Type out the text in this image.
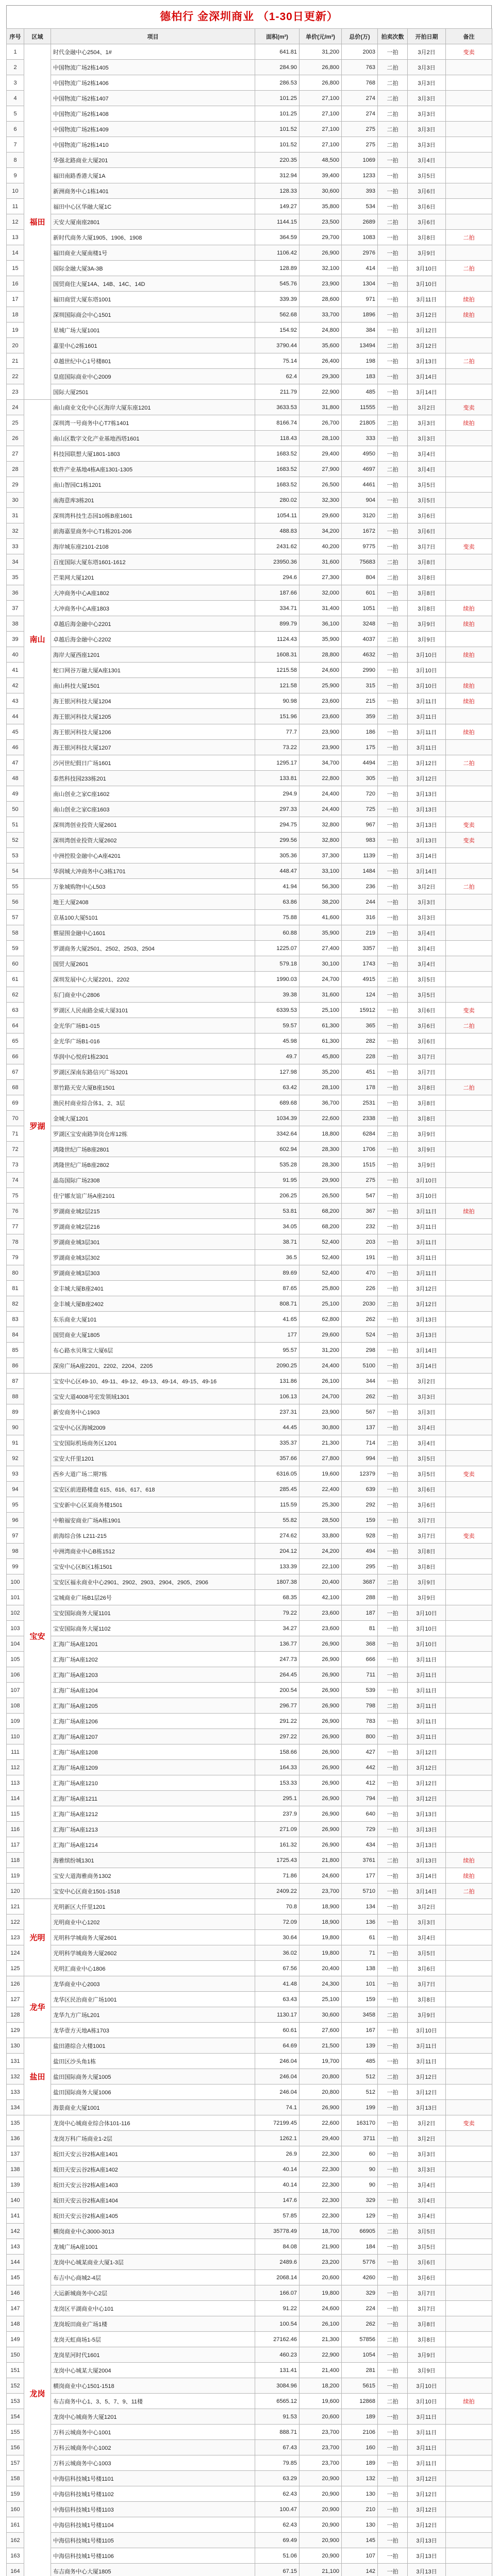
德柏行 金深圳商业 （1-30日更新）
序号	区域	项目	面积(m²)	单价(元/m²)	总价(万)	拍卖次数	开拍日期	备注
1	福田	时代金融中心2504、1#	641.81	31,200	2003	一拍	3月2日	变卖
2		中国物流广场2栋1405	284.90	26,800	763	二拍	3月3日	
3		中国物流广场2栋1406	286.53	26,800	768	二拍	3月3日	
4		中国物流广场2栋1407	101.25	27,100	274	二拍	3月3日	
5		中国物流广场2栋1408	101.25	27,100	274	二拍	3月3日	
6		中国物流广场2栋1409	101.52	27,100	275	二拍	3月3日	
7		中国物流广场2栋1410	101.52	27,100	275	二拍	3月3日	
8		华强北路商业大厦201	220.35	48,500	1069	一拍	3月4日	
9		福田南路香港大厦1A	312.94	39,400	1233	一拍	3月5日	
10		新洲商务中心1栋1401	128.33	30,600	393	一拍	3月6日	
11		福田中心区华融大厦1C	149.27	35,800	534	一拍	3月6日	
12		天安大厦南座2801	1144.15	23,500	2689	二拍	3月6日	
13		新时代商务大厦1905、1906、1908	364.59	29,700	1083	一拍	3月8日	二拍
14		福田商业大厦南楼1号	1106.42	26,900	2976	一拍	3月9日	
15		国际金融大厦3A-3B	128.89	32,100	414	一拍	3月10日	二拍
16		国贸商住大厦14A、14B、14C、14D	545.76	23,900	1304	一拍	3月10日	
17		福田商贸大厦东塔1001	339.39	28,600	971	一拍	3月11日	续拍
18		深圳国际商会中心1501	562.68	33,700	1896	一拍	3月12日	续拍
19		星城广场大厦1001	154.92	24,800	384	一拍	3月12日	
20		嘉里中心2栋1601	3790.44	35,600	13494	二拍	3月12日	
21		卓越世纪中心1号楼801	75.14	26,400	198	一拍	3月13日	二拍
22		皇庭国际商业中心2009	62.4	29,300	183	一拍	3月14日	
23		国际大厦2501	211.79	22,900	485	一拍	3月14日	
24	南山	南山商业文化中心区海岸大厦东座1201	3633.53	31,800	11555	一拍	3月2日	变卖
25		深圳湾一号商务中心T7栋1401	8166.74	26,700	21805	二拍	3月3日	续拍
26		南山区数字文化产业基地西塔1601	118.43	28,100	333	一拍	3月3日	
27		科技园联想大厦1801-1803	1683.52	29,400	4950	一拍	3月4日	
28		软件产业基地4栋A座1301-1305	1683.52	27,900	4697	二拍	3月4日	
29		南山智园C1栋1201	1683.52	26,500	4461	一拍	3月5日	
30		南海意库3栋201	280.02	32,300	904	一拍	3月5日	
31		深圳湾科技生态园10栋B座1601	1054.11	29,600	3120	二拍	3月6日	
32		前海嘉里商务中心T1栋201-206	488.83	34,200	1672	一拍	3月6日	
33		海岸城东座2101-2108	2431.62	40,200	9775	一拍	3月7日	变卖
34		百度国际大厦东塔1601-1612	23950.36	31,600	75683	二拍	3月8日	
35		芒果网大厦1201	294.6	27,300	804	二拍	3月8日	
36		大冲商务中心A座1802	187.66	32,000	601	一拍	3月8日	
37		大冲商务中心A座1803	334.71	31,400	1051	一拍	3月8日	续拍
38		卓越后海金融中心2201	899.79	36,100	3248	一拍	3月9日	续拍
39		卓越后海金融中心2202	1124.43	35,900	4037	二拍	3月9日	
40		海岸大厦西座1201	1608.31	28,800	4632	一拍	3月10日	续拍
41		蛇口网谷万融大厦A座1301	1215.58	24,600	2990	一拍	3月10日	
42		南山科技大厦1501	121.58	25,900	315	一拍	3月10日	续拍
43		海王银河科技大厦1204	90.98	23,600	215	一拍	3月11日	续拍
44		海王银河科技大厦1205	151.96	23,600	359	二拍	3月11日	
45		海王银河科技大厦1206	77.7	23,900	186	一拍	3月11日	续拍
46		海王银河科技大厦1207	73.22	23,900	175	一拍	3月11日	
47		沙河世纪假日广场1601	1295.17	34,700	4494	二拍	3月12日	二拍
48		泰然科技园233栋201	133.81	22,800	305	一拍	3月12日	
49		南山创业之家C座1602	294.9	24,400	720	一拍	3月13日	
50		南山创业之家C座1603	297.33	24,400	725	一拍	3月13日	
51		深圳湾创业投资大厦2601	294.75	32,800	967	一拍	3月13日	变卖
52		深圳湾创业投资大厦2602	299.56	32,800	983	一拍	3月13日	变卖
53		中洲控股金融中心A座4201	305.36	37,300	1139	一拍	3月14日	
54		华润城大冲商务中心3栋1701	448.47	33,100	1484	一拍	3月14日	
55	罗湖	万象城购物中心L503	41.94	56,300	236	一拍	3月2日	二拍
56		地王大厦2408	63.86	38,200	244	一拍	3月3日	
57		京基100大厦5101	75.88	41,600	316	一拍	3月3日	
58		蔡屋围金融中心1601	60.88	35,900	219	一拍	3月4日	
59		罗湖商务大厦2501、2502、2503、2504	1225.07	27,400	3357	一拍	3月4日	
60		国贸大厦2601	579.18	30,100	1743	一拍	3月4日	
61		深圳发展中心大厦2201、2202	1990.03	24,700	4915	二拍	3月5日	
62		东门商业中心2806	39.38	31,600	124	一拍	3月5日	
63		罗湖区人民南路金威大厦3101	6339.53	25,100	15912	一拍	3月6日	变卖
64		金光华广场B1-015	59.57	61,300	365	一拍	3月6日	二拍
65		金光华广场B1-016	45.98	61,300	282	一拍	3月6日	
66		华润中心悦府1栋2301	49.7	45,800	228	一拍	3月7日	
67		罗湖区深南东路信兴广场3201	127.98	35,200	451	一拍	3月7日	
68		翠竹路天安大厦B座1501	63.42	28,100	178	一拍	3月8日	二拍
69		渔民村商业综合体1、2、3层	689.68	36,700	2531	一拍	3月8日	
70		金城大厦1201	1034.39	22,600	2338	一拍	3月8日	
71		罗湖区宝安南路笋岗仓库12栋	3342.64	18,800	6284	二拍	3月9日	
72		鸿隆世纪广场B座2801	602.94	28,300	1706	一拍	3月9日	
73		鸿隆世纪广场B座2802	535.28	28,300	1515	一拍	3月9日	
74		晶岛国际广场2308	91.95	29,900	275	一拍	3月10日	
75		佳宁娜友谊广场A座2101	206.25	26,500	547	一拍	3月10日	
76		罗湖商业城2层215	53.81	68,200	367	一拍	3月11日	续拍
77		罗湖商业城2层216	34.05	68,200	232	一拍	3月11日	
78		罗湖商业城3层301	38.71	52,400	203	一拍	3月11日	
79		罗湖商业城3层302	36.5	52,400	191	一拍	3月11日	
80		罗湖商业城3层303	89.69	52,400	470	一拍	3月11日	
81		金丰城大厦B座2401	87.65	25,800	226	一拍	3月12日	
82		金丰城大厦B座2402	808.71	25,100	2030	二拍	3月12日	
83		东乐商业大厦101	41.65	62,800	262	一拍	3月13日	
84		国贸商业大厦1805	177	29,600	524	一拍	3月13日	
85		布心路水贝珠宝大厦6层	95.57	31,200	298	一拍	3月14日	
86		深房广场A座2201、2202、2204、2205	2090.25	24,400	5100	一拍	3月14日	
87	宝安	宝安中心区49-10、49-11、49-12、49-13、49-14、49-15、49-16	131.86	26,100	344	一拍	3月2日	
88		宝安大道4008号宏发领域1301	106.13	24,700	262	一拍	3月3日	
89		新安商务中心1903	237.31	23,900	567	一拍	3月3日	
90		宝安中心区海城2009	44.45	30,800	137	一拍	3月4日	
91		宝安国际机场商务区1201	335.37	21,300	714	二拍	3月4日	
92		宝安大仟里1201	357.66	27,800	994	一拍	3月5日	
93		西乡大道广场二期7栋	6316.05	19,600	12379	一拍	3月5日	变卖
94		宝安区前进路楼盘 615、616、617、618	285.45	22,400	639	一拍	3月6日	
95		宝安新中心区某商务楼1501	115.59	25,300	292	一拍	3月6日	
96		中粮福安商业广场A栋1901	55.82	28,500	159	一拍	3月7日	
97		前海综合体 L211-215	274.62	33,800	928	一拍	3月7日	变卖
98		中洲湾商业中心B栋1512	204.12	24,200	494	一拍	3月8日	
99		宝安中心区B区1栋1501	133.39	22,100	295	一拍	3月8日	
100		宝安区福永商业中心2901、2902、2903、2904、2905、2906	1807.38	20,400	3687	二拍	3月9日	
101		宝城商业广场B1层26号	68.35	42,100	288	一拍	3月9日	
102		宝安国际商务大厦1101	79.22	23,600	187	一拍	3月10日	
103		宝安国际商务大厦1102	34.27	23,600	81	一拍	3月10日	
104		汇海广场A座1201	136.77	26,900	368	一拍	3月10日	
105		汇海广场A座1202	247.73	26,900	666	一拍	3月11日	
106		汇海广场A座1203	264.45	26,900	711	一拍	3月11日	
107		汇海广场A座1204	200.54	26,900	539	一拍	3月11日	
108		汇海广场A座1205	296.77	26,900	798	二拍	3月11日	
109		汇海广场A座1206	291.22	26,900	783	一拍	3月11日	
110		汇海广场A座1207	297.22	26,900	800	一拍	3月11日	
111		汇海广场A座1208	158.66	26,900	427	一拍	3月12日	
112		汇海广场A座1209	164.33	26,900	442	一拍	3月12日	
113		汇海广场A座1210	153.33	26,900	412	一拍	3月12日	
114		汇海广场A座1211	295.1	26,900	794	一拍	3月12日	
115		汇海广场A座1212	237.9	26,900	640	一拍	3月13日	
116		汇海广场A座1213	271.09	26,900	729	一拍	3月13日	
117		汇海广场A座1214	161.32	26,900	434	一拍	3月13日	
118		海雅缤纷城1301	1725.43	21,800	3761	二拍	3月13日	续拍
119		宝安大道海雅商务1302	71.86	24,600	177	一拍	3月14日	续拍
120		宝安中心区商业1501-1518	2409.22	23,700	5710	一拍	3月14日	二拍
121	光明	光明新区大仟里1201	70.8	18,900	134	一拍	3月2日	
122		光明商业中心1202	72.09	18,900	136	一拍	3月3日	
123		光明科学城商务大厦2601	30.64	19,800	61	一拍	3月4日	
124		光明科学城商务大厦2602	36.02	19,800	71	一拍	3月5日	
125		光明汇商业中心1806	67.56	20,400	138	一拍	3月6日	
126	龙华	龙华商业中心2003	41.48	24,300	101	一拍	3月7日	
127		龙华区民治商业广场1001	63.43	25,100	159	一拍	3月8日	
128		龙华九方广场L201	1130.17	30,600	3458	二拍	3月9日	
129		龙华壹方天地A栋1703	60.61	27,600	167	一拍	3月10日	
130	盐田	盐田港综合大楼1001	64.69	21,500	139	一拍	3月11日	
131		盐田区沙头角1栋	246.04	19,700	485	一拍	3月11日	
132		盐田国际商务大厦1005	246.04	20,800	512	二拍	3月12日	
133		盐田国际商务大厦1006	246.04	20,800	512	一拍	3月12日	
134		海景商业大厦1001	74.1	26,900	199	一拍	3月13日	
135	龙岗	龙岗中心城商业综合体101-116	72199.45	22,600	163170	一拍	3月2日	变卖
136		龙岗万科广场商业1-2层	1262.1	29,400	3711	一拍	3月2日	
137		坂田天安云谷2栋A座1401	26.9	22,300	60	一拍	3月3日	
138		坂田天安云谷2栋A座1402	40.14	22,300	90	一拍	3月3日	
139		坂田天安云谷2栋A座1403	40.14	22,300	90	一拍	3月4日	
140		坂田天安云谷2栋A座1404	147.6	22,300	329	一拍	3月4日	
141		坂田天安云谷2栋A座1405	57.85	22,300	129	一拍	3月4日	
142		横岗商业中心3000-3013	35778.49	18,700	66905	二拍	3月5日	
143		龙城广场A座1001	84.08	21,900	184	一拍	3月5日	
144		龙岗中心城某商业大厦1-3层	2489.6	23,200	5776	一拍	3月6日	
145		布吉中心商城2-4层	2068.14	20,600	4260	一拍	3月6日	
146		大运新城商务中心2层	166.07	19,800	329	一拍	3月7日	
147		龙岗区平湖商业中心101	91.22	24,600	224	一拍	3月7日	
148		龙岗坂田商业广场1楼	100.54	26,100	262	一拍	3月8日	
149		龙岗天虹商场1-5层	27162.46	21,300	57856	二拍	3月8日	
150		龙岗星河时代1601	460.23	22,900	1054	一拍	3月9日	
151		龙岗中心城某大厦2004	131.41	21,400	281	一拍	3月9日	
152		横岗商业中心1501-1518	3084.96	18,200	5615	一拍	3月10日	
153		布吉商务中心1、3、5、7、9、11楼	6565.12	19,600	12868	二拍	3月10日	续拍
154		龙岗中心城商务大厦1201	91.53	20,600	189	一拍	3月11日	
155		万科云城商务中心1001	888.71	23,700	2106	一拍	3月11日	
156		万科云城商务中心1002	67.43	23,700	160	一拍	3月11日	
157		万科云城商务中心1003	79.85	23,700	189	一拍	3月11日	
158		中海信科技城1号楼1101	63.29	20,900	132	一拍	3月12日	
159		中海信科技城1号楼1102	62.43	20,900	130	一拍	3月12日	
160		中海信科技城1号楼1103	100.47	20,900	210	一拍	3月12日	
161		中海信科技城1号楼1104	62.43	20,900	130	一拍	3月12日	
162		中海信科技城1号楼1105	69.49	20,900	145	一拍	3月13日	
163		中海信科技城1号楼1106	51.06	20,900	107	一拍	3月13日	
164		布吉商务中心大厦1805	67.15	21,100	142	一拍	3月13日	
